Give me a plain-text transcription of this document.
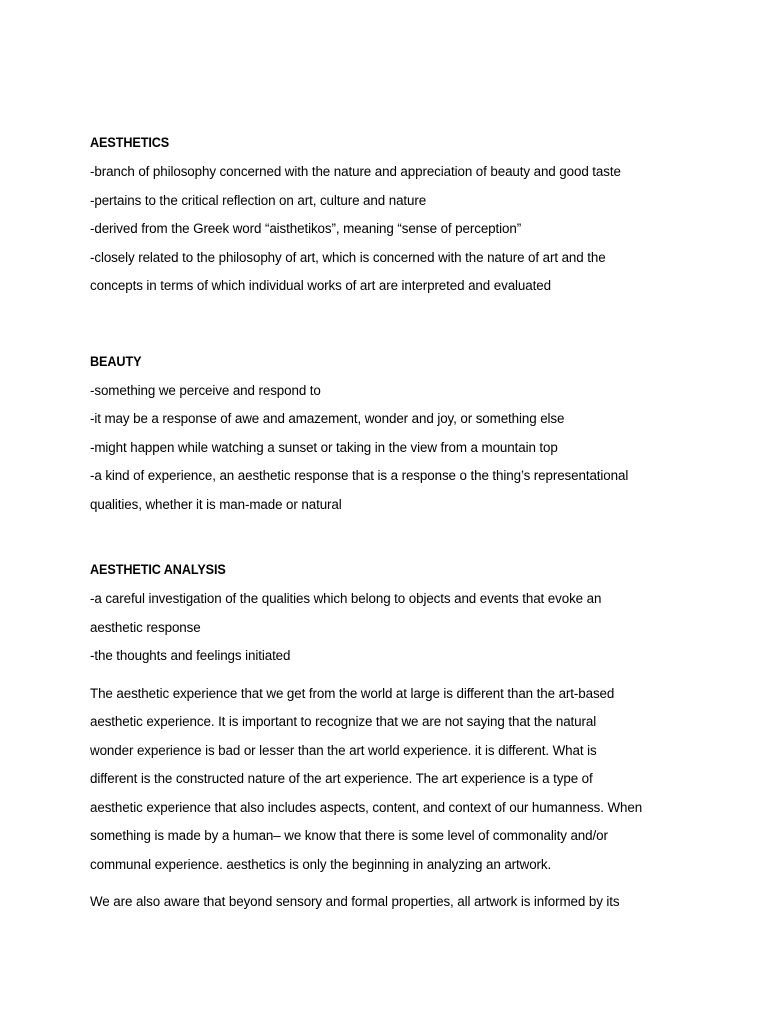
AESTHETICS

-branch of philosophy concerned with the nature and appreciation of beauty and good taste

-pertains to the critical reflection on art, culture and nature

-derived from the Greek word “aisthetikos”, meaning “sense of perception”

-closely related to the philosophy of art, which is concerned with the nature of art and the

concepts in terms of which individual works of art are interpreted and evaluated

BEAUTY

-something we perceive and respond to

-it may be a response of awe and amazement, wonder and joy, or something else

-might happen while watching a sunset or taking in the view from a mountain top

-a kind of experience, an aesthetic response that is a response o the thing’s representational

qualities, whether it is man-made or natural

AESTHETIC ANALYSIS

-a careful investigation of the qualities which belong to objects and events that evoke an

aesthetic response

-the thoughts and feelings initiated

The aesthetic experience that we get from the world at large is different than the art-based

aesthetic experience. It is important to recognize that we are not saying that the natural

wonder experience is bad or lesser than the art world experience. it is different. What is

different is the constructed nature of the art experience. The art experience is a type of

aesthetic experience that also includes aspects, content, and context of our humanness. When

something is made by a human– we know that there is some level of commonality and/or

communal experience. aesthetics is only the beginning in analyzing an artwork.

We are also aware that beyond sensory and formal properties, all artwork is informed by its
